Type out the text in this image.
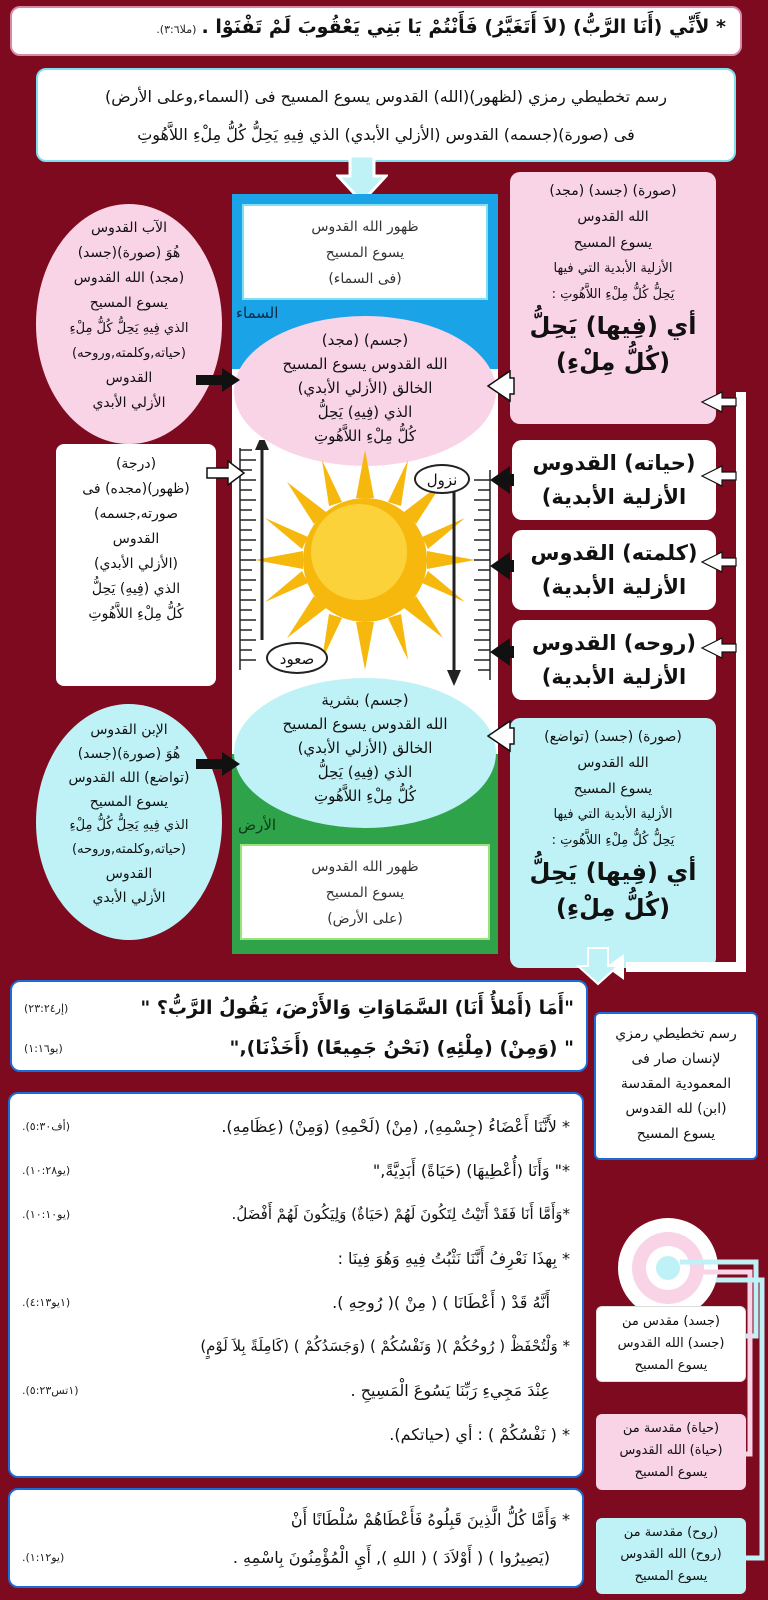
* لأَنِّي (أَنَا الرَّبُّ) (لاَ أَتَغَيَّرُ) فَأَنْتُمْ يَا بَنِي يَعْقُوبَ لَمْ تَفْنَوْا . (ملا٣:٦).
رسم تخطيطي رمزي (لظهور)(الله) القدوس يسوع المسيح فى (السماء,وعلى الأرض)
فى (صورة)(جسمه) القدوس (الأزلي الأبدي) الذي فِيهِ يَحِلُّ كُلُّ مِلْءِ اللاَّهُوتِ
ظهور الله القدوس
يسوع المسيح
(فى السماء)
السماء
(جسم) (مجد)
الله القدوس يسوع المسيح
الخالق (الأزلي الأبدي)
الذي (فِيهِ) يَحِلُّ
كُلُّ مِلْءِ اللاَّهُوتِ
نزول
صعود
(جسم) بشرية
الله القدوس يسوع المسيح
الخالق (الأزلي الأبدي)
الذي (فِيهِ) يَحِلُّ
كُلُّ مِلْءِ اللاَّهُوتِ
الأرض
ظهور الله القدوس
يسوع المسيح
(على الأرض)
الآب القدوس
هُوَ (صورة)(جسد)
(مجد) الله القدوس
يسوع المسيح
الذي فِيهِ يَحِلُّ كُلُّ مِلْءِ
(حياته,وكلمته,وروحه)
القدوس
الأزلي الأبدي
(درجة)
(ظهور)(مجده) فى
صورته,جسمه)
القدوس
(الأزلي الأبدي)
الذي (فِيهِ) يَحِلُّ
كُلُّ مِلْءِ اللاَّهُوتِ
الإبن القدوس
هُوَ (صورة)(جسد)
(تواضع) الله القدوس
يسوع المسيح
الذي فِيهِ يَحِلُّ كُلُّ مِلْءِ
(حياته,وكلمته,وروحه)
القدوس
الأزلي الأبدي
(صورة) (جسد) (مجد)
الله القدوس
يسوع المسيح
الأزلية الأبدية التي فيها
يَحِلُّ كُلُّ مِلْءِ اللاَّهُوتِ :
أي (فِيها) يَحِلُّ
(كُلُّ مِلْءِ)
(حياته) القدوس
الأزلية الأبدية)
(كلمته) القدوس
الأزلية الأبدية)
(روحه) القدوس
الأزلية الأبدية)
(صورة) (جسد) (تواضع)
الله القدوس
يسوع المسيح
الأزلية الأبدية التي فيها
يَحِلُّ كُلُّ مِلْءِ اللاَّهُوتِ :
أي (فِيها) يَحِلُّ
(كُلُّ مِلْءِ)
"أَمَا (أَمْلأُ أَنَا) السَّمَاوَاتِ وَالأَرْضَ، يَقُولُ الرَّبُّ؟ "
(إر٢٣:٢٤)
" (وَمِنْ) (مِلْئِهِ) (نَحْنُ جَمِيعًا) (أَخَذْنَا),"
(يو١:١٦)
رسم تخطيطي رمزي
لإنسان صار فى
المعمودية المقدسة
(ابن) لله القدوس
يسوع المسيح
* لأَنَّنَا أَعْضَاءُ (جِسْمِهِ), (مِنْ) (لَحْمِهِ) (وَمِنْ) (عِظَامِهِ).
(أف٥:٣٠).
*" وَأَنَا (أُعْطِيهَا) (حَيَاةً) أَبَدِيَّةً,"
(يو١٠:٢٨).
*وَأَمَّا أَنَا فَقَدْ أَتَيْتُ لِتَكُونَ لَهُمْ (حَيَاةٌ) وَلِيَكُونَ لَهُمْ أَفْضَلُ.
(يو١٠:١٠).
* بِهذَا نَعْرِفُ أَنَّنَا نَثْبُتُ فِيهِ وَهُوَ فِينَا :
أَنَّهُ قَدْ ( أَعْطَانَا ) ( مِنْ )( رُوحِهِ ).
(١يو٤:١٣).
* وَلْتُحْفَظْ ( رُوحُكُمْ )( وَنَفْسُكُمْ ) (وَجَسَدُكُمْ ) (كَامِلَةً بِلاَ لَوْمٍ)
عِنْدَ مَجِيءِ رَبِّنَا يَسُوعَ الْمَسِيحِ .
(١تس٥:٢٣).
* ( نَفْسُكُمْ ) : أي (حياتكم).
* وَأَمَّا كُلُّ الَّذِينَ قَبِلُوهُ فَأَعْطَاهُمْ سُلْطَانًا أَنْ
(يَصِيرُوا ) ( أَوْلاَدَ ) ( اللهِ ), أَيِ الْمُؤْمِنُونَ بِاسْمِهِ .
(يو١:١٢).
(جسد) مقدس من
(جسد) الله القدوس
يسوع المسيح
(حياة) مقدسة من
(حياة) الله القدوس
يسوع المسيح
(روح) مقدسة من
(روح) الله القدوس
يسوع المسيح
